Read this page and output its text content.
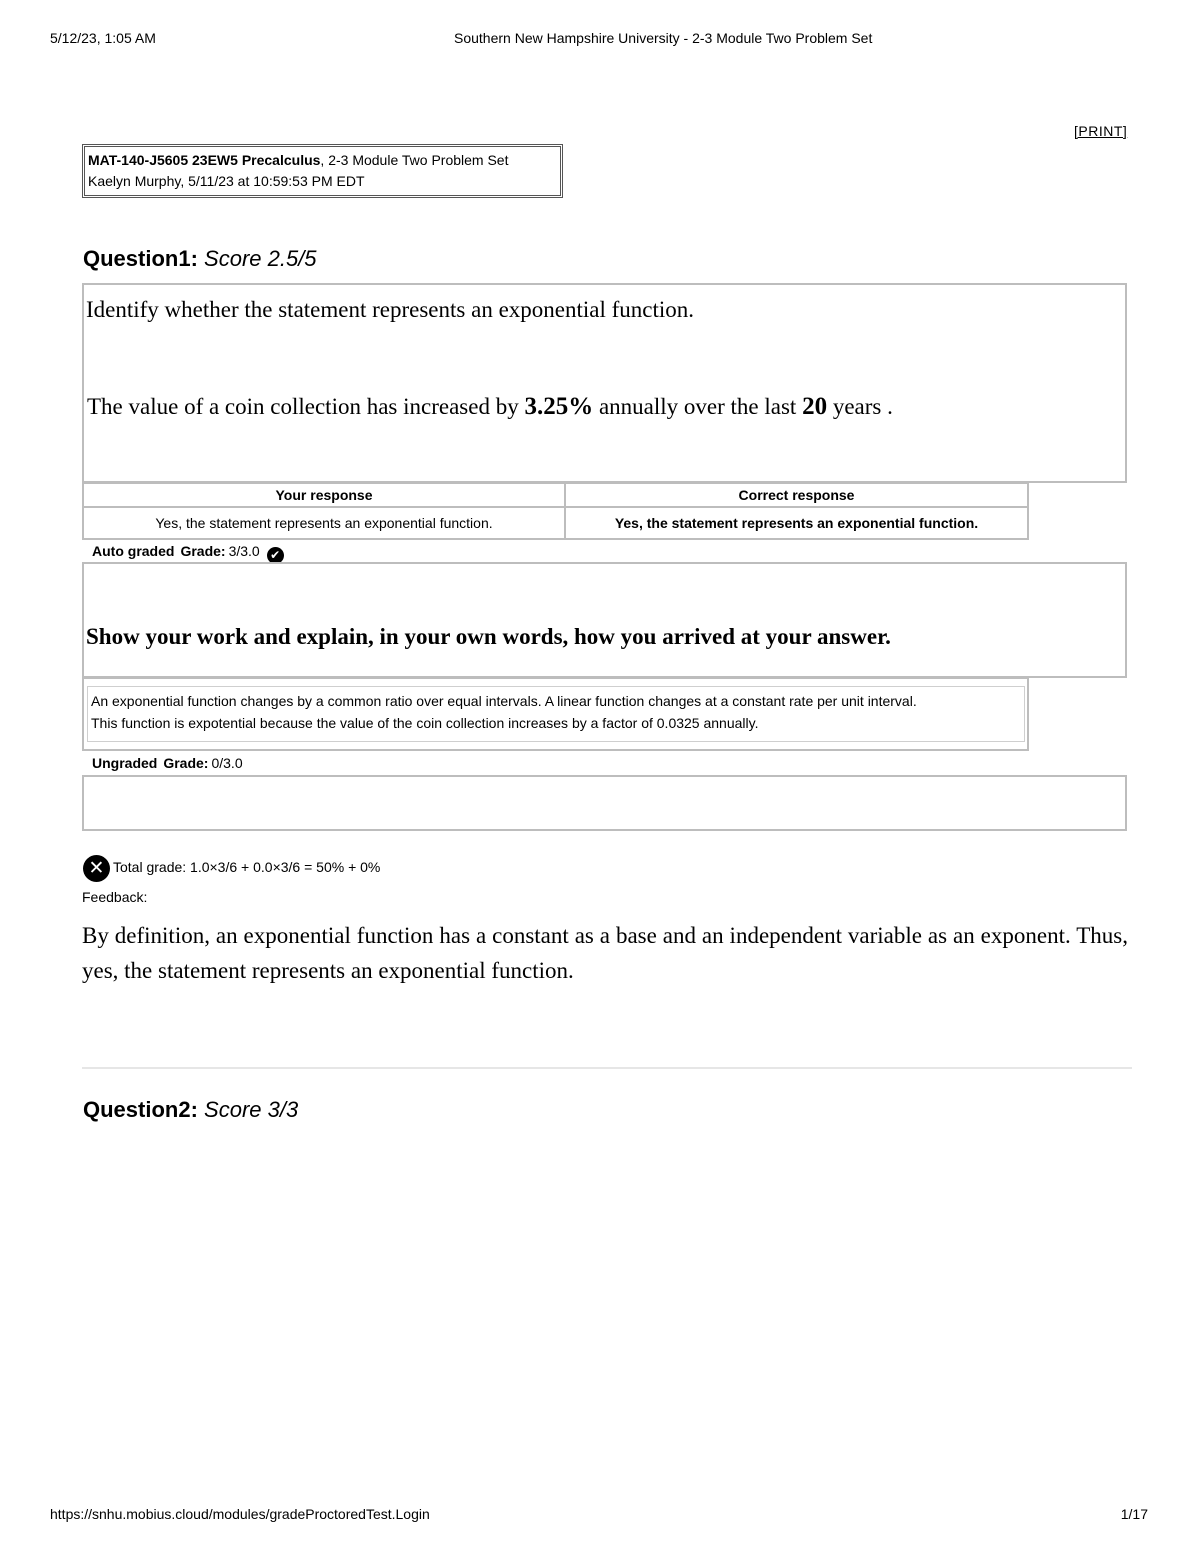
5/12/23, 1:05 AM	Southern New Hampshire University - 2-3 Module Two Problem Set
[PRINT]
MAT-140-J5605 23EW5 Precalculus, 2-3 Module Two Problem Set
Kaelyn Murphy, 5/11/23 at 10:59:53 PM EDT
Question1: Score 2.5/5
Identify whether the statement represents an exponential function.
The value of a coin collection has increased by 3.25% annually over the last 20 years .
Your response	Correct response
Yes, the statement represents an exponential function.	Yes, the statement represents an exponential function.
Auto graded Grade: 3/3.0 ✔
Show your work and explain, in your own words, how you arrived at your answer.
An exponential function changes by a common ratio over equal intervals. A linear function changes at a constant rate per unit interval.
This function is expotential because the value of the coin collection increases by a factor of 0.0325 annually.
Ungraded Grade: 0/3.0
✕ Total grade: 1.0×3/6 + 0.0×3/6 = 50% + 0%
Feedback:
By definition, an exponential function has a constant as a base and an independent variable as an exponent. Thus, yes, the statement represents an exponential function.
Question2: Score 3/3
https://snhu.mobius.cloud/modules/gradeProctoredTest.Login	1/17
